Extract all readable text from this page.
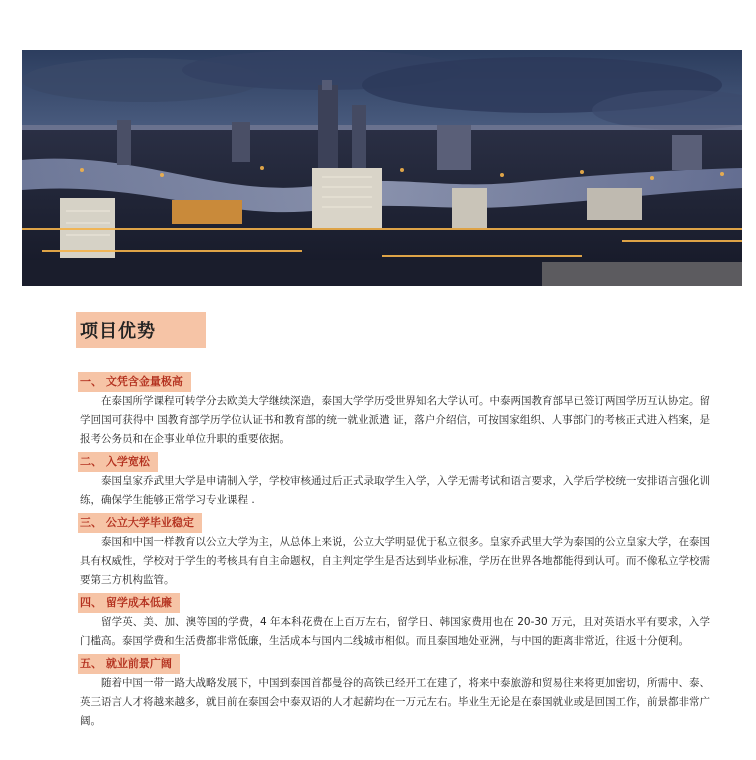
项目优势
一、 文凭含金量极高

在泰国所学课程可转学分去欧美大学继续深造，泰国大学学历受世界知名大学认可。中泰两国教育部早已签订两国学历互认协定。留学回国可获得中 国教育部学历学位认证书和教育部的统一就业派遣 证，落户介绍信，可按国家组织、人事部门的考核正式进入档案，是报考公务员和在企事业单位升职的重要依据。

二、 入学宽松

泰国皇家乔武里大学是申请制入学，学校审核通过后正式录取学生入学，入学无需考试和语言要求，入学后学校统一安排语言强化训练，确保学生能够正常学习专业课程 .

三、 公立大学毕业稳定

泰国和中国一样教育以公立大学为主，从总体上来说，公立大学明显优于私立很多。皇家乔武里大学为泰国的公立皇家大学，在泰国具有权威性，学校对于学生的考核具有自主命题权，自主判定学生是否达到毕业标准，学历在世界各地都能得到认可。而不像私立学校需要第三方机构监管。

四、 留学成本低廉

留学英、美、加、澳等国的学费，4 年本科花费在上百万左右，留学日、韩国家费用也在 20-30 万元，且对英语水平有要求，入学门槛高。泰国学费和生活费都非常低廉，生活成本与国内二线城市相似。而且泰国地处亚洲，与中国的距离非常近，往返十分便利。

五、 就业前景广阔

随着中国一带一路大战略发展下，中国到泰国首都曼谷的高铁已经开工在建了，将来中泰旅游和贸易往来将更加密切，所需中、泰、英三语言人才将越来越多，就目前在泰国会中泰双语的人才起薪均在一万元左右。毕业生无论是在泰国就业或是回国工作，前景都非常广阔。
